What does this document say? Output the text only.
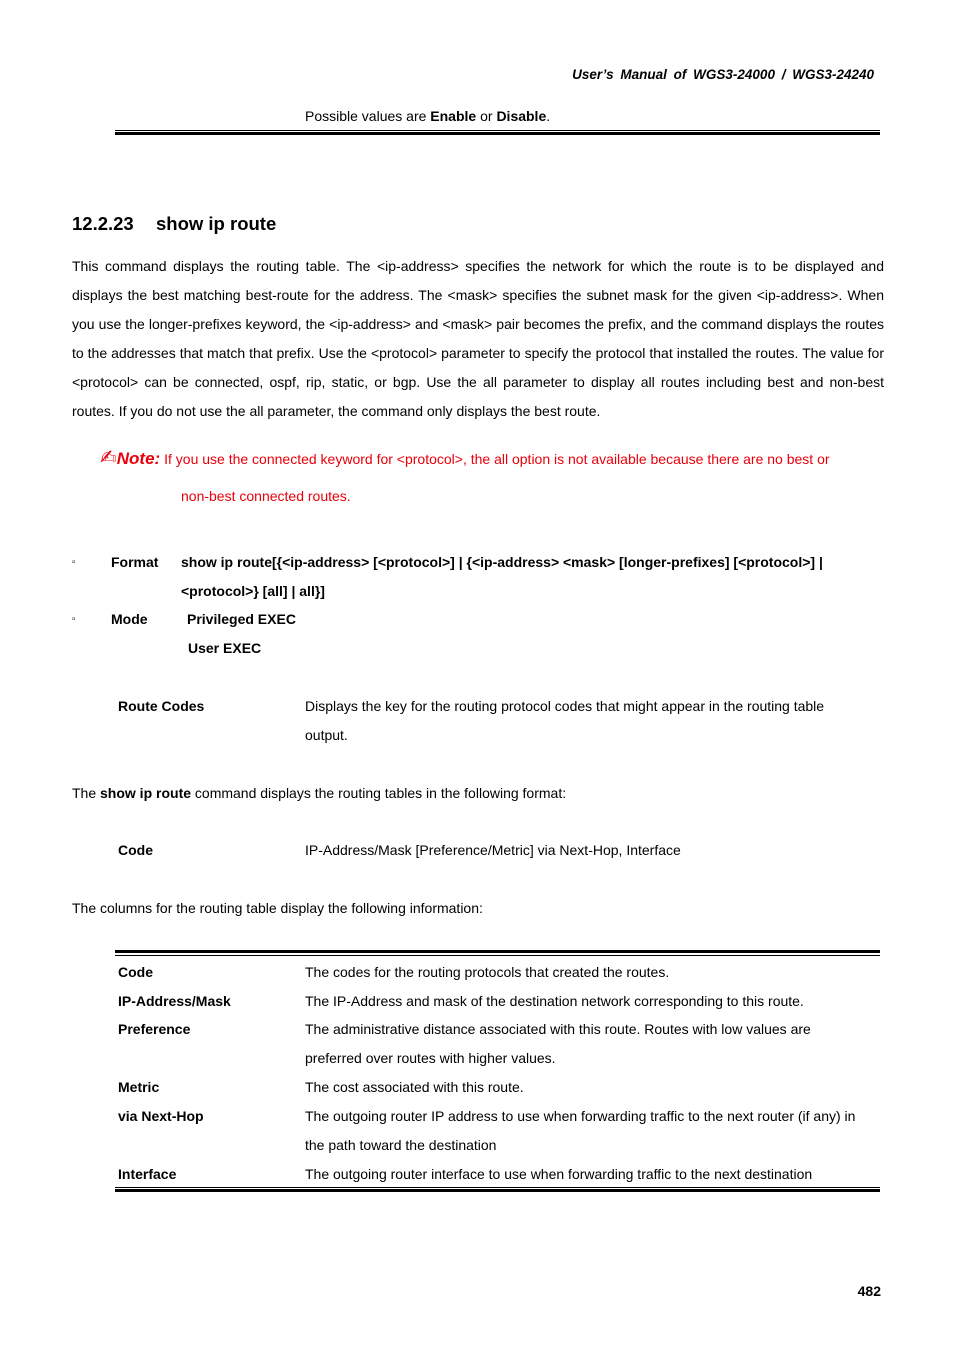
User’s Manual of WGS3-24000 / WGS3-24240
Possible values are Enable or Disable.
12.2.23 show ip route
This command displays the routing table. The <ip-address> specifies the network for which the route is to be displayed and displays the best matching best-route for the address. The <mask> specifies the subnet mask for the given <ip-address>. When you use the longer-prefixes keyword, the <ip-address> and <mask> pair becomes the prefix, and the command displays the routes to the addresses that match that prefix. Use the <protocol> parameter to specify the protocol that installed the routes. The value for <protocol> can be connected, ospf, rip, static, or bgp. Use the all parameter to display all routes including best and non-best routes. If you do not use the all parameter, the command only displays the best route.
✍Note: If you use the connected keyword for <protocol>, the all option is not available because there are no best or
non-best connected routes.
▫	Format show ip route[{<ip-address> [<protocol>] | {<ip-address> <mask> [longer-prefixes] [<protocol>] |
<protocol>} [all] | all}]
▫	Mode	Privileged EXEC
User EXEC
Route Codes	Displays the key for the routing protocol codes that might appear in the routing table
output.
The show ip route command displays the routing tables in the following format:
Code	IP-Address/Mask [Preference/Metric] via Next-Hop, Interface
The columns for the routing table display the following information:
Code	The codes for the routing protocols that created the routes.
IP-Address/Mask	The IP-Address and mask of the destination network corresponding to this route.
Preference	The administrative distance associated with this route. Routes with low values are
preferred over routes with higher values.
Metric	The cost associated with this route.
via Next-Hop	The outgoing router IP address to use when forwarding traffic to the next router (if any) in
the path toward the destination
Interface	The outgoing router interface to use when forwarding traffic to the next destination
482
